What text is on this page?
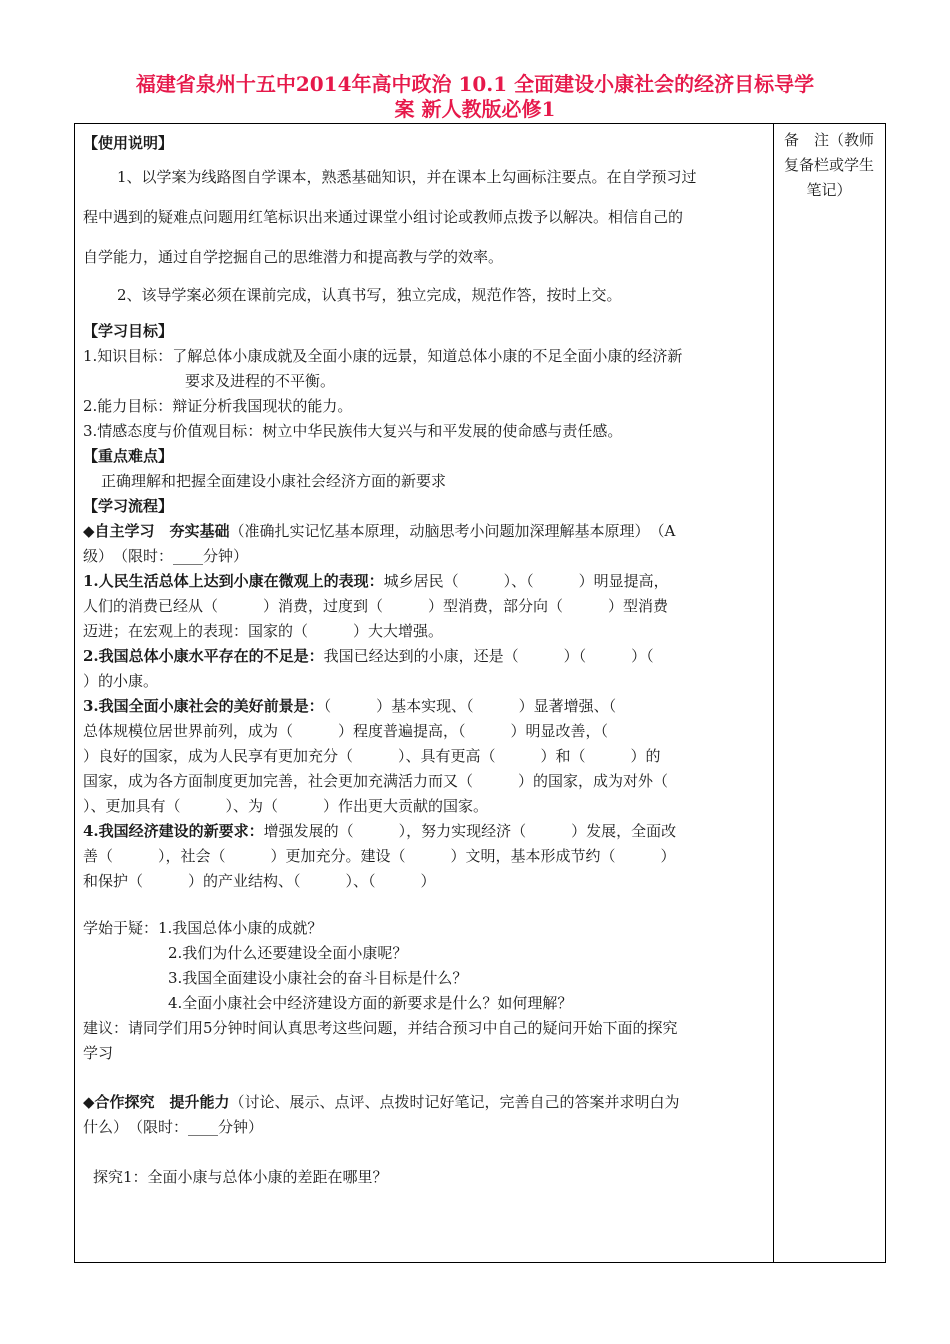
福建省泉州十五中2014年高中政治 10.1 全面建设小康社会的经济目标导学
案 新人教版必修1
备　注（教师复备栏或学生笔记）
【使用说明】
1、以学案为线路图自学课本，熟悉基础知识，并在课本上勾画标注要点。在自学预习过
程中遇到的疑难点问题用红笔标识出来通过课堂小组讨论或教师点拨予以解决。相信自己的
自学能力，通过自学挖掘自己的思维潜力和提高教与学的效率。
2、该导学案必须在课前完成，认真书写，独立完成，规范作答，按时上交。
【学习目标】
1.知识目标：了解总体小康成就及全面小康的远景，知道总体小康的不足全面小康的经济新
要求及进程的不平衡。
2.能力目标：辩证分析我国现状的能力。
3.情感态度与价值观目标：树立中华民族伟大复兴与和平发展的使命感与责任感。
【重点难点】
正确理解和把握全面建设小康社会经济方面的新要求
【学习流程】
◆自主学习　夯实基础（准确扎实记忆基本原理，动脑思考小问题加深理解基本原理）　（A
级）　（限时：____分钟）
1.人民生活总体上达到小康在微观上的表现：城乡居民（　　　）、（　　　）明显提高，
人们的消费已经从（　　　）消费，过度到（　　　）型消费，部分向（　　　）型消费
迈进；在宏观上的表现：国家的（　　　）大大增强。
2.我国总体小康水平存在的不足是：我国已经达到的小康，还是（　　　）（　　　）（
）的小康。
3.我国全面小康社会的美好前景是：（　　　）基本实现、（　　　）显著增强、（
总体规模位居世界前列，成为（　　　）程度普遍提高，（　　　）明显改善，（
）良好的国家，成为人民享有更加充分（　　　）、具有更高（　　　）和（　　　）的
国家，成为各方面制度更加完善，社会更加充满活力而又（　　　）的国家，成为对外（
）、更加具有（　　　）、为（　　　）作出更大贡献的国家。
4.我国经济建设的新要求：增强发展的（　　　），努力实现经济（　　　）发展，全面改
善（　　　），社会（　　　）更加充分。建设（　　　）文明，基本形成节约（　　　）
和保护（　　　）的产业结构、（　　　）、（　　　）
学始于疑：1.我国总体小康的成就？
2.我们为什么还要建设全面小康呢？
3.我国全面建设小康社会的奋斗目标是什么？
4.全面小康社会中经济建设方面的新要求是什么？如何理解？
建议：请同学们用5分钟时间认真思考这些问题，并结合预习中自己的疑问开始下面的探究
学习
◆合作探究　提升能力（讨论、展示、点评、点拨时记好笔记，完善自己的答案并求明白为
什么）　（限时：____分钟）
探究1：全面小康与总体小康的差距在哪里？
